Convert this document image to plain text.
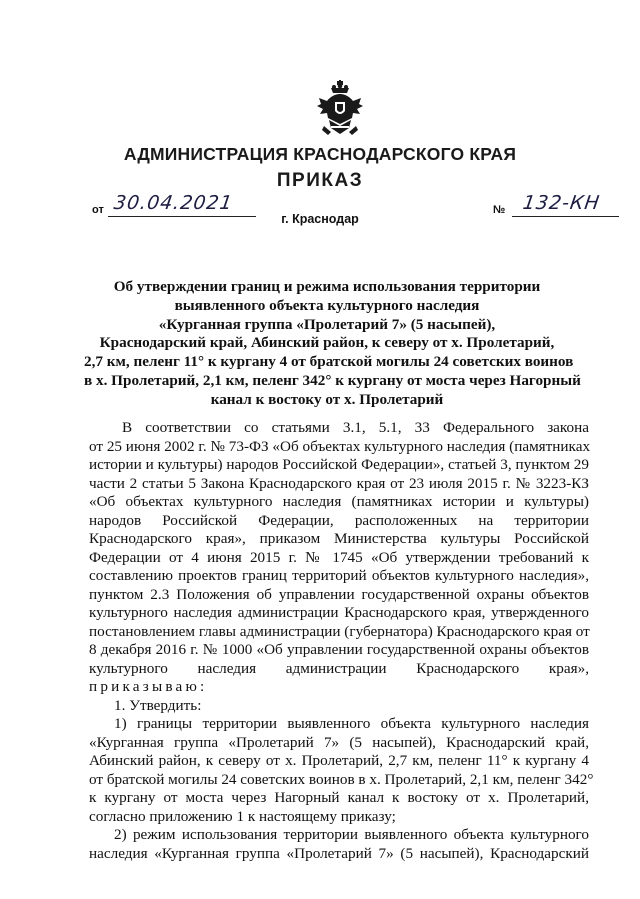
АДМИНИСТРАЦИЯ КРАСНОДАРСКОГО КРАЯ
ПРИКАЗ
от 30.04.2021	№ 132-КН
г. Краснодар
Об утверждении границ и режима использования территории
выявленного объекта культурного наследия
«Курганная группа «Пролетарий 7» (5 насыпей),
Краснодарский край, Абинский район, к северу от х. Пролетарий,
2,7 км, пеленг 11° к кургану 4 от братской могилы 24 советских воинов
в х. Пролетарий, 2,1 км, пеленг 342° к кургану от моста через Нагорный
канал к востоку от х. Пролетарий
В соответствии со статьями 3.1, 5.1, 33 Федерального закона
от 25 июня 2002 г. № 73-ФЗ «Об объектах культурного наследия (памятниках
истории и культуры) народов Российской Федерации», статьей 3, пунктом 29
части 2 статьи 5 Закона Краснодарского края от 23 июля 2015 г. № 3223-КЗ
«Об объектах культурного наследия (памятниках истории и культуры)
народов Российской Федерации, расположенных на территории
Краснодарского края», приказом Министерства культуры Российской
Федерации от 4 июня 2015 г. № 1745 «Об утверждении требований к
составлению проектов границ территорий объектов культурного наследия»,
пунктом 2.3 Положения об управлении государственной охраны объектов
культурного наследия администрации Краснодарского края, утвержденного
постановлением главы администрации (губернатора) Краснодарского края от
8 декабря 2016 г. № 1000 «Об управлении государственной охраны объектов
культурного наследия администрации Краснодарского края»,
приказываю:
1. Утвердить:
1) границы территории выявленного объекта культурного наследия
«Курганная группа «Пролетарий 7» (5 насыпей), Краснодарский край,
Абинский район, к северу от х. Пролетарий, 2,7 км, пеленг 11° к кургану 4
от братской могилы 24 советских воинов в х. Пролетарий, 2,1 км, пеленг 342°
к кургану от моста через Нагорный канал к востоку от х. Пролетарий,
согласно приложению 1 к настоящему приказу;
2) режим использования территории выявленного объекта культурного
наследия «Курганная группа «Пролетарий 7» (5 насыпей), Краснодарский
